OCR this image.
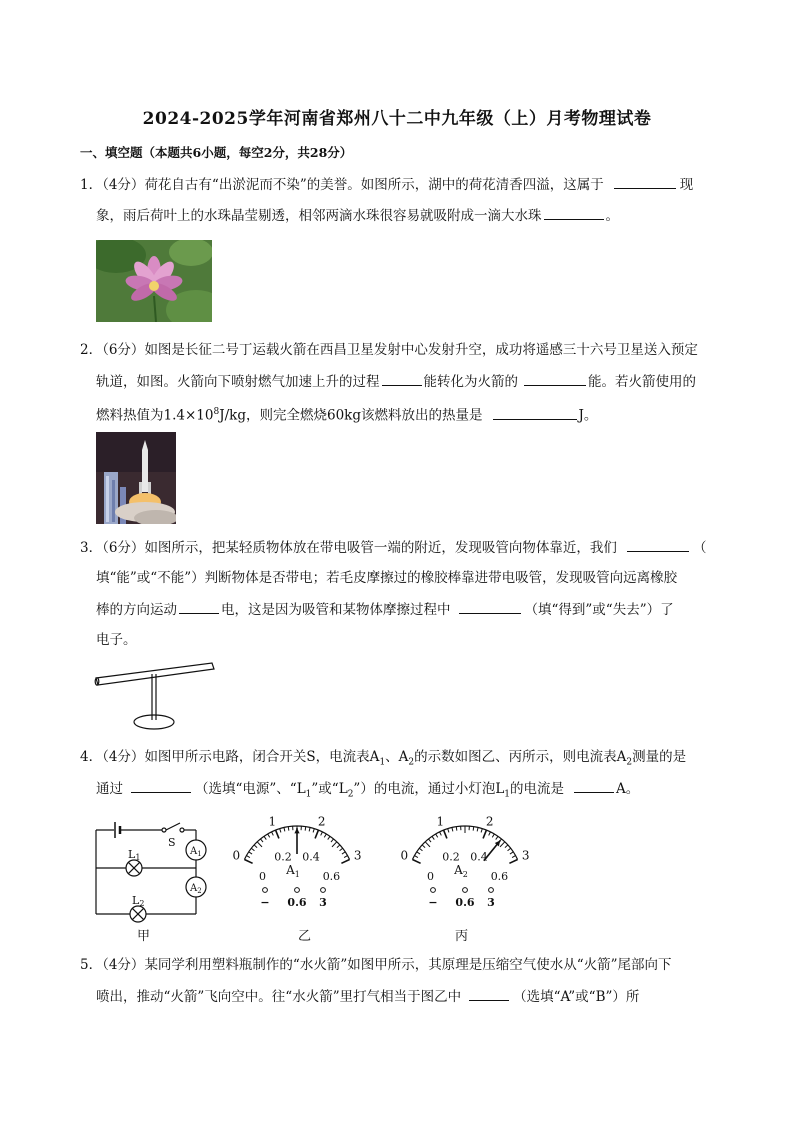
2024-2025学年河南省郑州八十二中九年级（上）月考物理试卷
一、填空题（本题共6小题，每空2分，共28分）
1．（4分）荷花自古有“出淤泥而不染”的美誉。如图所示，湖中的荷花清香四溢，这属于	现
象，雨后荷叶上的水珠晶莹剔透，相邻两滴水珠很容易就吸附成一滴大水珠	。
2．（6分）如图是长征二号丁运载火箭在西昌卫星发射中心发射升空，成功将遥感三十六号卫星送入预定
轨道，如图。火箭向下喷射燃气加速上升的过程	能转化为火箭的	能。若火箭使用的
燃料热值为$1.4\times 10^8J/kg$，则完全燃烧60kg该燃料放出的热量是	J。
3．（6分）如图所示，把某轻质物体放在带电吸管一端的附近，发现吸管向物体靠近，我们	（
填“能”或“不能”）判断物体是否带电；若毛皮摩擦过的橡胶棒靠进带电吸管，发现吸管向远离橡胶
棒的方向运动	电，这是因为吸管和某物体摩擦过程中	（填“得到”或“失去”）了
电子。
4．（4分）如图甲所示电路，闭合开关S，电流表$A_1$、$A_2$的示数如图乙、丙所示，则电流表$A_2$测量的是
通过	（选填“电源”、“$L_1$”或“$L_2$”）的电流，通过小灯泡$L_1$的电流是	A。
S
L1
L2
$A_1$
$A_2$
甲
0
1	2
3
0
0.2 0.4
0.6
$A_1$
− 0.6 3
乙
0
1	2
3
0
0.2 0.4
0.6
$A_2$
− 0.6 3
丙
5．（4分）某同学利用塑料瓶制作的“水火箭”如图甲所示，其原理是压缩空气使水从“火箭”尾部向下
喷出，推动“火箭”飞向空中。往“水火箭”里打气相当于图乙中	（选填“A”或“B”）所
